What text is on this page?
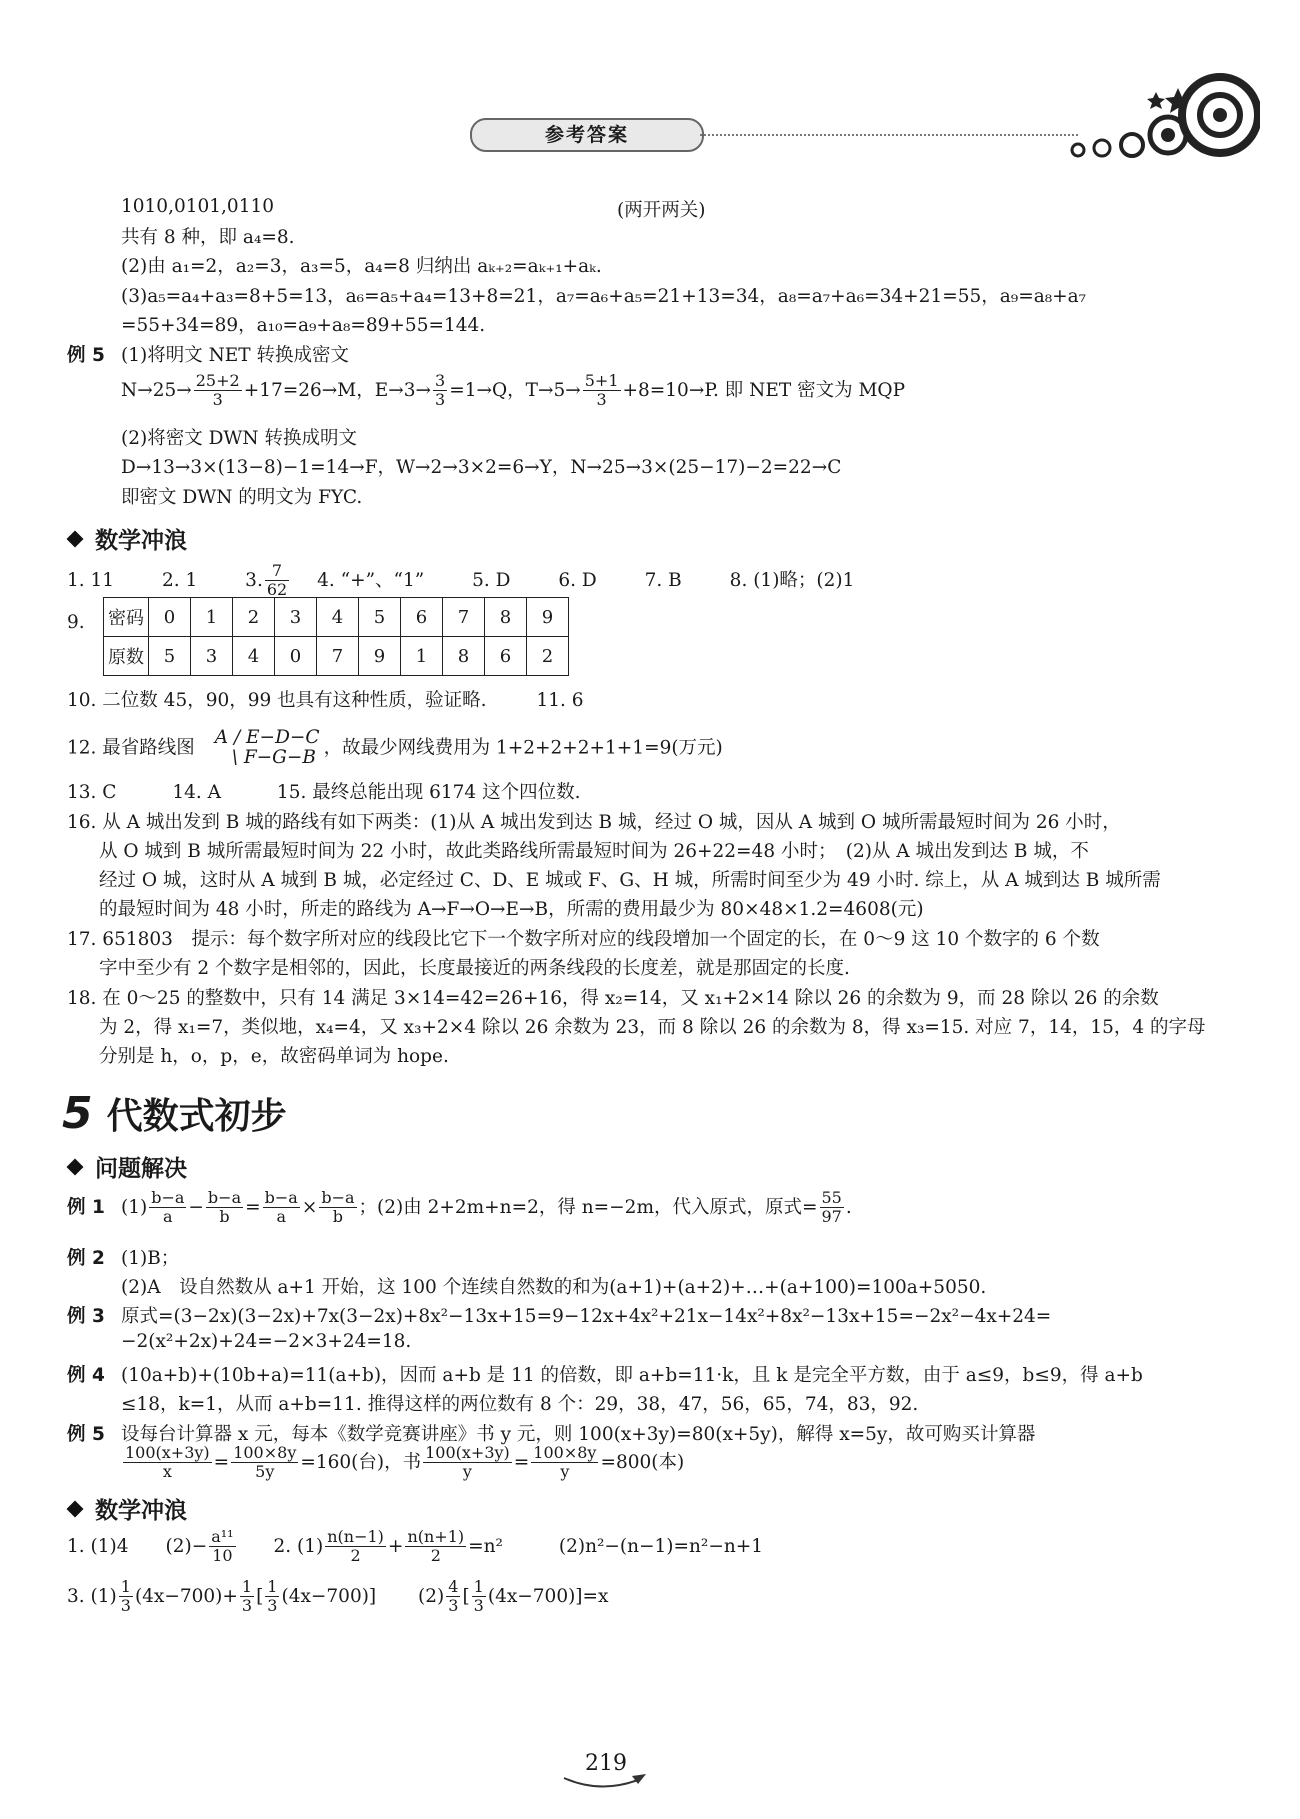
参考答案
1010,0101,0110	(两开两关)
共有 8 种，即 a₄=8.
(2)由 a₁=2，a₂=3，a₃=5，a₄=8 归纳出 aₖ₊₂=aₖ₊₁+aₖ.
(3)a₅=a₄+a₃=8+5=13，a₆=a₅+a₄=13+8=21，a₇=a₆+a₅=21+13=34，a₈=a₇+a₆=34+21=55，a₉=a₈+a₇
=55+34=89，a₁₀=a₉+a₈=89+55=144.
例 5 (1)将明文 NET 转换成密文
$N\to 25\to \frac{25+2}{3} +17=26\to M$，$E\to 3\to \frac{3}{3} =1\to Q$，$T\to 5\to \frac{5+1}{3} +8=10\to P$. 即 NET 密文为 MQP
(2)将密文 DWN 转换成明文
D→13→3×(13−8)−1=14→F，W→2→3×2=6→Y，N→25→3×(25−17)−2=22→C
即密文 DWN 的明文为 FYC.
数学冲浪
1. 11	2. 1	3. $\frac{7}{62} 4$. “+”、“1”	5. D	6. D	7. B	8. (1)略；(2)1
9. 密码	0	1	2	3	4	5	6	7	8	9
原数	5	3	4	0	7	9	1	8	6	2
10. 二位数 45，90，99 也具有这种性质，验证略.	11. 6
12. 最省路线图 A / E−D−C
\ F−G−B ，故最少网线费用为 1+2+2+2+1+1=9(万元)
13. C	14. A	15. 最终总能出现 6174 这个四位数.
16. 从 A 城出发到 B 城的路线有如下两类：(1)从 A 城出发到达 B 城，经过 O 城，因从 A 城到 O 城所需最短时间为 26 小时，
从 O 城到 B 城所需最短时间为 22 小时，故此类路线所需最短时间为 26+22=48 小时；　(2)从 A 城出发到达 B 城，不
经过 O 城，这时从 A 城到 B 城，必定经过 C、D、E 城或 F、G、H 城，所需时间至少为 49 小时. 综上，从 A 城到达 B 城所需
的最短时间为 48 小时，所走的路线为 A→F→O→E→B，所需的费用最少为 80×48×1.2=4608(元)
17. 651803　提示：每个数字所对应的线段比它下一个数字所对应的线段增加一个固定的长，在 0～9 这 10 个数字的 6 个数
字中至少有 2 个数字是相邻的，因此，长度最接近的两条线段的长度差，就是那固定的长度.
18. 在 0～25 的整数中，只有 14 满足 3×14=42=26+16，得 x₂=14，又 x₁+2×14 除以 26 的余数为 9，而 28 除以 26 的余数
为 2，得 x₁=7，类似地，x₄=4，又 x₃+2×4 除以 26 余数为 23，而 8 除以 26 的余数为 8，得 x₃=15. 对应 7，14，15，4 的字母
分别是 h，o，p，e，故密码单词为 hope.
5 代数式初步
问题解决
例 1 $(1) \frac{b-a}{a} - \frac{b-a}{b} = \frac{b-a}{a} \times \frac{b-a}{b}$ ；(2)由 2+2m+n=2，得 n=−2m，代入原式，原式= $\frac{55}{97}$ .
例 2 (1)B；
(2)A　设自然数从 a+1 开始，这 100 个连续自然数的和为(a+1)+(a+2)+…+(a+100)=100a+5050.
例 3 原式=(3−2x)(3−2x)+7x(3−2x)+8x²−13x+15=9−12x+4x²+21x−14x²+8x²−13x+15=−2x²−4x+24=
−2(x²+2x)+24=−2×3+24=18.
例 4 (10a+b)+(10b+a)=11(a+b)，因而 a+b 是 11 的倍数，即 a+b=11·k，且 k 是完全平方数，由于 a≤9，b≤9，得 a+b
≤18，k=1，从而 a+b=11. 推得这样的两位数有 8 个：29，38，47，56，65，74，83，92.
例 5 设每台计算器 x 元，每本《数学竞赛讲座》书 y 元，则 100(x+3y)=80(x+5y)，解得 x=5y，故可购买计算器
$\frac{100(x+3y)}{x} = \frac{100\times 8y}{5y} =160$(台)，书 $\frac{100(x+3y)}{y} = \frac{100\times 8y}{y} =800$(本)
数学冲浪
1. (1)4　　$(2)- \frac{\text{a¹¹}}{10} 2$. $(1) \frac{n(n-1)}{2} + \frac{n(n+1)}{2} =n^2$	(2)n²−(n−1)=n²−n+1
3. $(1) \frac{1}{3} (4x-700)+ \frac{1}{3}$ [ $\frac{1}{3} (4x-700)$] $(2) \frac{4}{3}$ [ $\frac{1}{3} (4x-700)]=x$
219
